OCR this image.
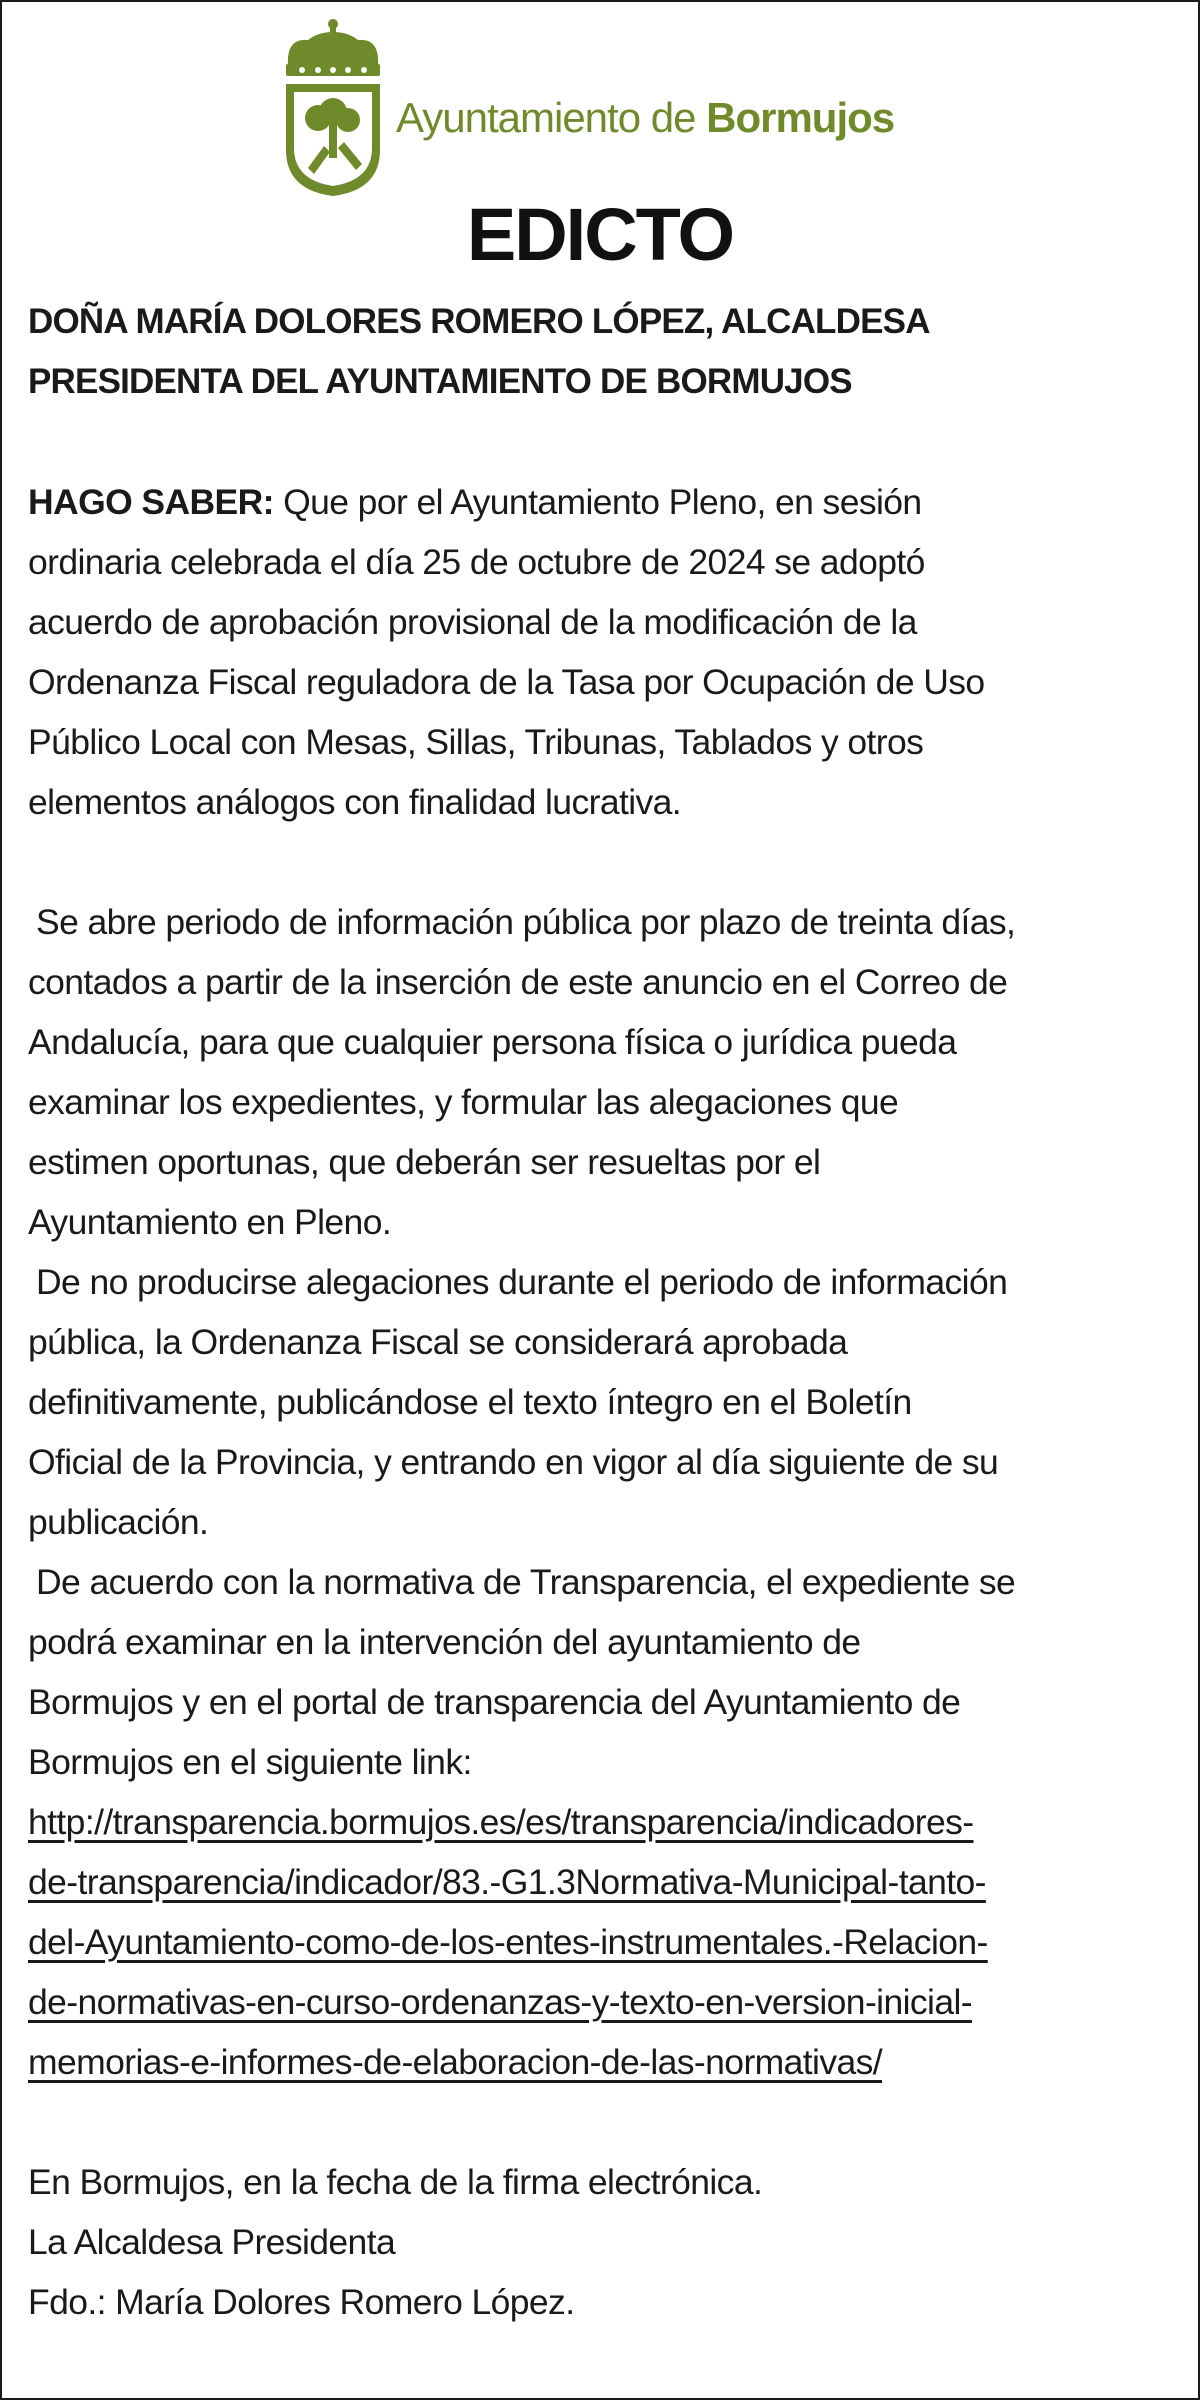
Ayuntamiento de Bormujos
EDICTO

DOÑA MARÍA DOLORES ROMERO LÓPEZ, ALCALDESA

PRESIDENTA DEL AYUNTAMIENTO DE BORMUJOS

HAGO SABER: Que por el Ayuntamiento Pleno, en sesión

ordinaria celebrada el día 25 de octubre de 2024 se adoptó

acuerdo de aprobación provisional de la modificación de la

Ordenanza Fiscal reguladora de la Tasa por Ocupación de Uso

Público Local con Mesas, Sillas, Tribunas, Tablados y otros

elementos análogos con finalidad lucrativa.

Se abre periodo de información pública por plazo de treinta días,

contados a partir de la inserción de este anuncio en el Correo de

Andalucía, para que cualquier persona física o jurídica pueda

examinar los expedientes, y formular las alegaciones que

estimen oportunas, que deberán ser resueltas por el

Ayuntamiento en Pleno.

De no producirse alegaciones durante el periodo de información

pública, la Ordenanza Fiscal se considerará aprobada

definitivamente, publicándose el texto íntegro en el Boletín

Oficial de la Provincia, y entrando en vigor al día siguiente de su

publicación.

De acuerdo con la normativa de Transparencia, el expediente se

podrá examinar en la intervención del ayuntamiento de

Bormujos y en el portal de transparencia del Ayuntamiento de

Bormujos en el siguiente link:

http://transparencia.bormujos.es/es/transparencia/indicadores-
de-transparencia/indicador/83.-G1.3Normativa-Municipal-tanto-
del-Ayuntamiento-como-de-los-entes-instrumentales.-Relacion-
de-normativas-en-curso-ordenanzas-y-texto-en-version-inicial-
memorias-e-informes-de-elaboracion-de-las-normativas/

En Bormujos, en la fecha de la firma electrónica.

La Alcaldesa Presidenta

Fdo.: María Dolores Romero López.
